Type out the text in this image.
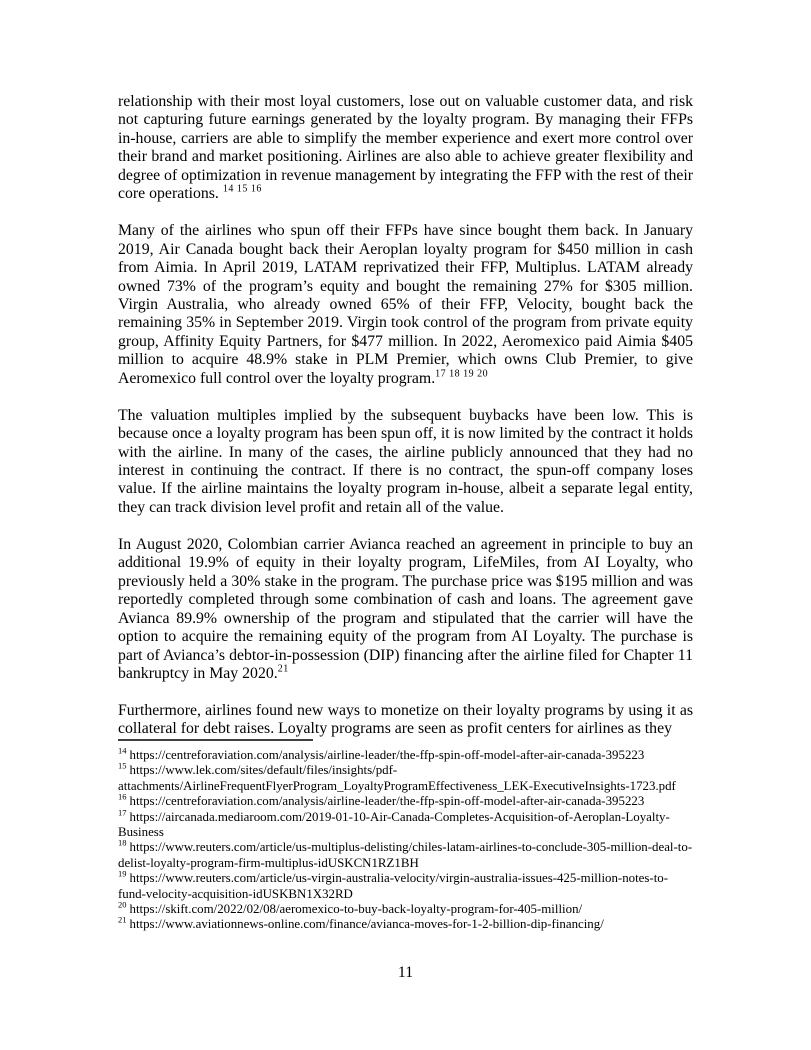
relationship with their most loyal customers, lose out on valuable customer data, and risk not capturing future earnings generated by the loyalty program. By managing their FFPs in-house, carriers are able to simplify the member experience and exert more control over their brand and market positioning. Airlines are also able to achieve greater flexibility and degree of optimization in revenue management by integrating the FFP with the rest of their core operations. $^{14 15 16}$

Many of the airlines who spun off their FFPs have since bought them back. In January 2019, Air Canada bought back their Aeroplan loyalty program for $450 million in cash from Aimia. In April 2019, LATAM reprivatized their FFP, Multiplus. LATAM already owned 73% of the program’s equity and bought the remaining 27% for $305 million. Virgin Australia, who already owned 65% of their FFP, Velocity, bought back the remaining 35% in September 2019. Virgin took control of the program from private equity group, Affinity Equity Partners, for $477 million. In 2022, Aeromexico paid Aimia $405 million to acquire 48.9% stake in PLM Premier, which owns Club Premier, to give Aeromexico full control over the loyalty program.$^{17 18 19 20}$

The valuation multiples implied by the subsequent buybacks have been low. This is because once a loyalty program has been spun off, it is now limited by the contract it holds with the airline. In many of the cases, the airline publicly announced that they had no interest in continuing the contract. If there is no contract, the spun-off company loses value. If the airline maintains the loyalty program in-house, albeit a separate legal entity, they can track division level profit and retain all of the value.

In August 2020, Colombian carrier Avianca reached an agreement in principle to buy an additional 19.9% of equity in their loyalty program, LifeMiles, from AI Loyalty, who previously held a 30% stake in the program. The purchase price was $195 million and was reportedly completed through some combination of cash and loans. The agreement gave Avianca 89.9% ownership of the program and stipulated that the carrier will have the option to acquire the remaining equity of the program from AI Loyalty. The purchase is part of Avianca’s debtor-in-possession (DIP) financing after the airline filed for Chapter 11 bankruptcy in May 2020.21

Furthermore, airlines found new ways to monetize on their loyalty programs by using it as collateral for debt raises. Loyalty programs are seen as profit centers for airlines as they

$^{14}$ https://centreforaviation.com/analysis/airline-leader/the-ffp-spin-off-model-after-air-canada-395223
$^{15}$ https://www.lek.com/sites/default/files/insights/pdf-attachments/AirlineFrequentFlyerProgram_LoyaltyProgramEffectiveness_LEK-ExecutiveInsights-1723.pdf
$^{16}$ https://centreforaviation.com/analysis/airline-leader/the-ffp-spin-off-model-after-air-canada-395223
$^{17}$ https://aircanada.mediaroom.com/2019-01-10-Air-Canada-Completes-Acquisition-of-Aeroplan-Loyalty-Business
$^{18}$ https://www.reuters.com/article/us-multiplus-delisting/chiles-latam-airlines-to-conclude-305-million-deal-to-delist-loyalty-program-firm-multiplus-idUSKCN1RZ1BH
$^{19}$ https://www.reuters.com/article/us-virgin-australia-velocity/virgin-australia-issues-425-million-notes-to-fund-velocity-acquisition-idUSKBN1X32RD
$^{20}$ https://skift.com/2022/02/08/aeromexico-to-buy-back-loyalty-program-for-405-million/
$^{21}$ https://www.aviationnews-online.com/finance/avianca-moves-for-1-2-billion-dip-financing/
11
